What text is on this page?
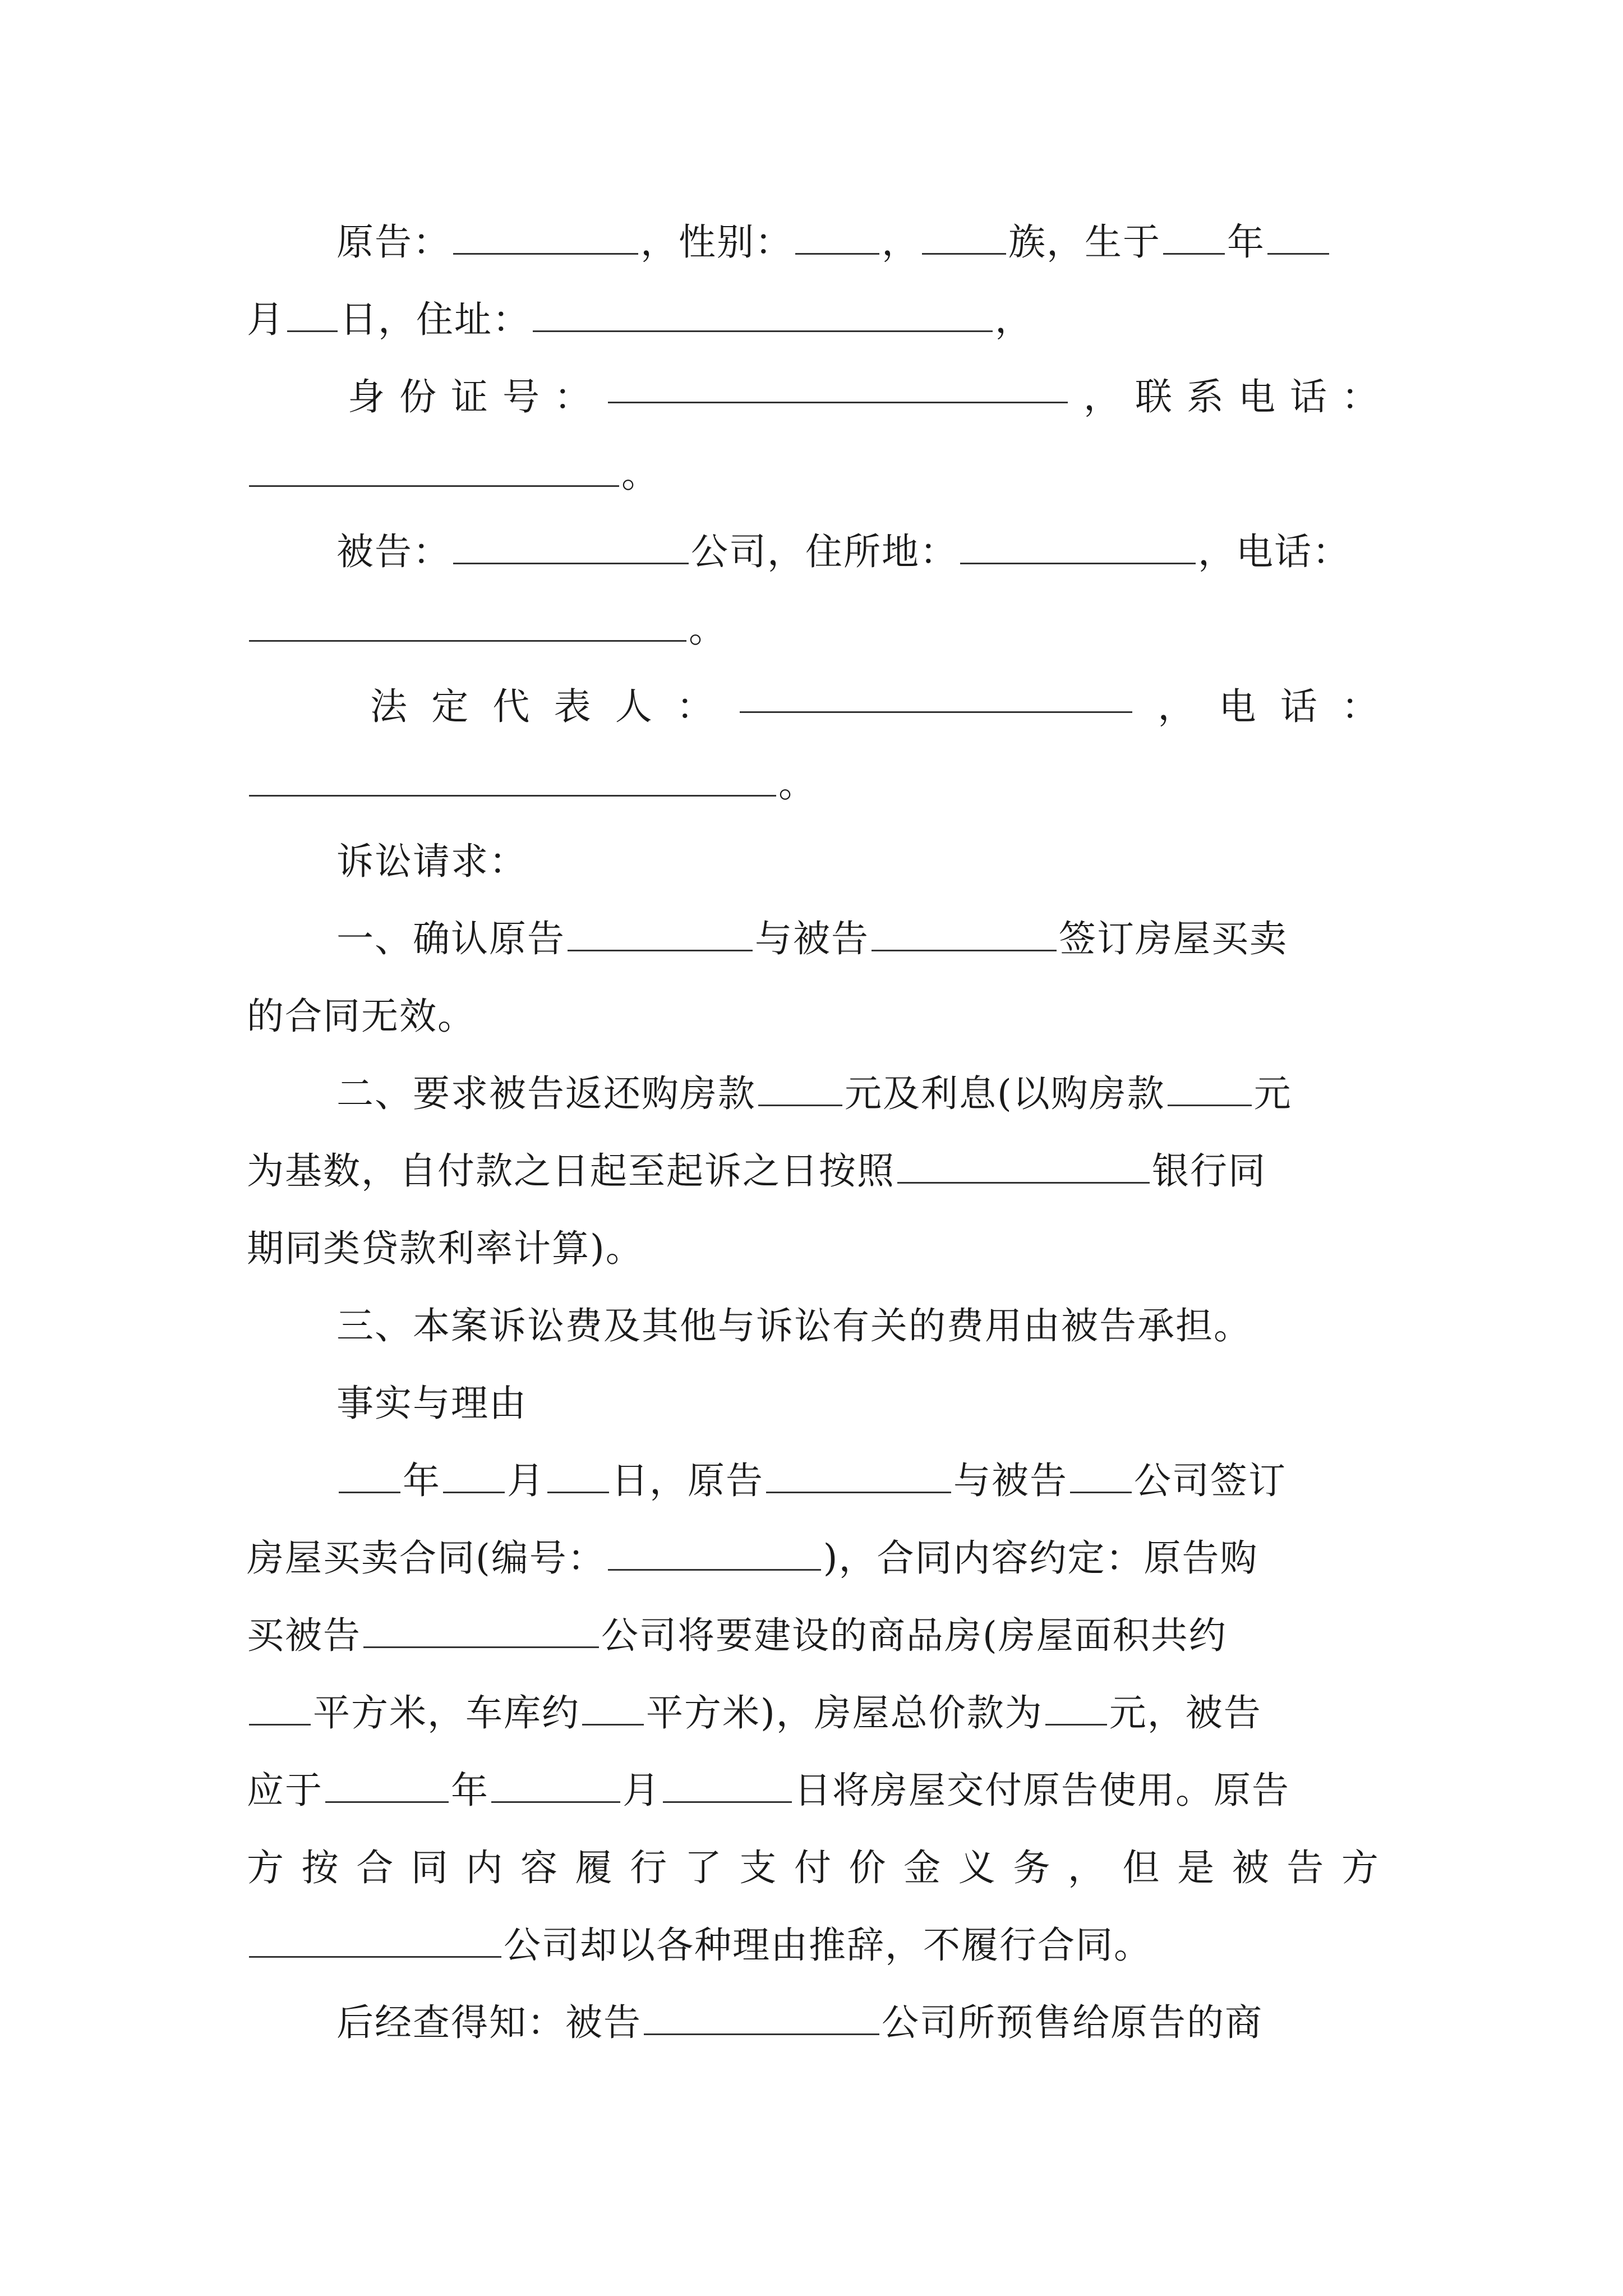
原告：	，性别： ， 族，生于 年
月 日，住址：	，
身 份 证 号 ：	， 联 系 电 话 ：
。
被告：	公司，住所地：	，电话：
。
法 定 代 表 人 ：	， 电 话 ：
。
诉讼请求：
一、确认原告	与被告	签订房屋买卖
的合同无效。
二、要求被告返还购房款 元及利息(以购房款 元
为基数，自付款之日起至起诉之日按照	银行同
期同类贷款利率计算)。
三、本案诉讼费及其他与诉讼有关的费用由被告承担。
事实与理由
年 月 日，原告	与被告 公司签订
房屋买卖合同(编号：	)，合同内容约定：原告购
买被告	公司将要建设的商品房(房屋面积共约
平方米，车库约 平方米)，房屋总价款为 元，被告
应于	年	月	日将房屋交付原告使用。原告
方 按 合 同 内 容 履 行 了 支 付 价 金 义 务 ， 但 是 被 告 方
公司却以各种理由推辞，不履行合同。
后经查得知：被告	公司所预售给原告的商
